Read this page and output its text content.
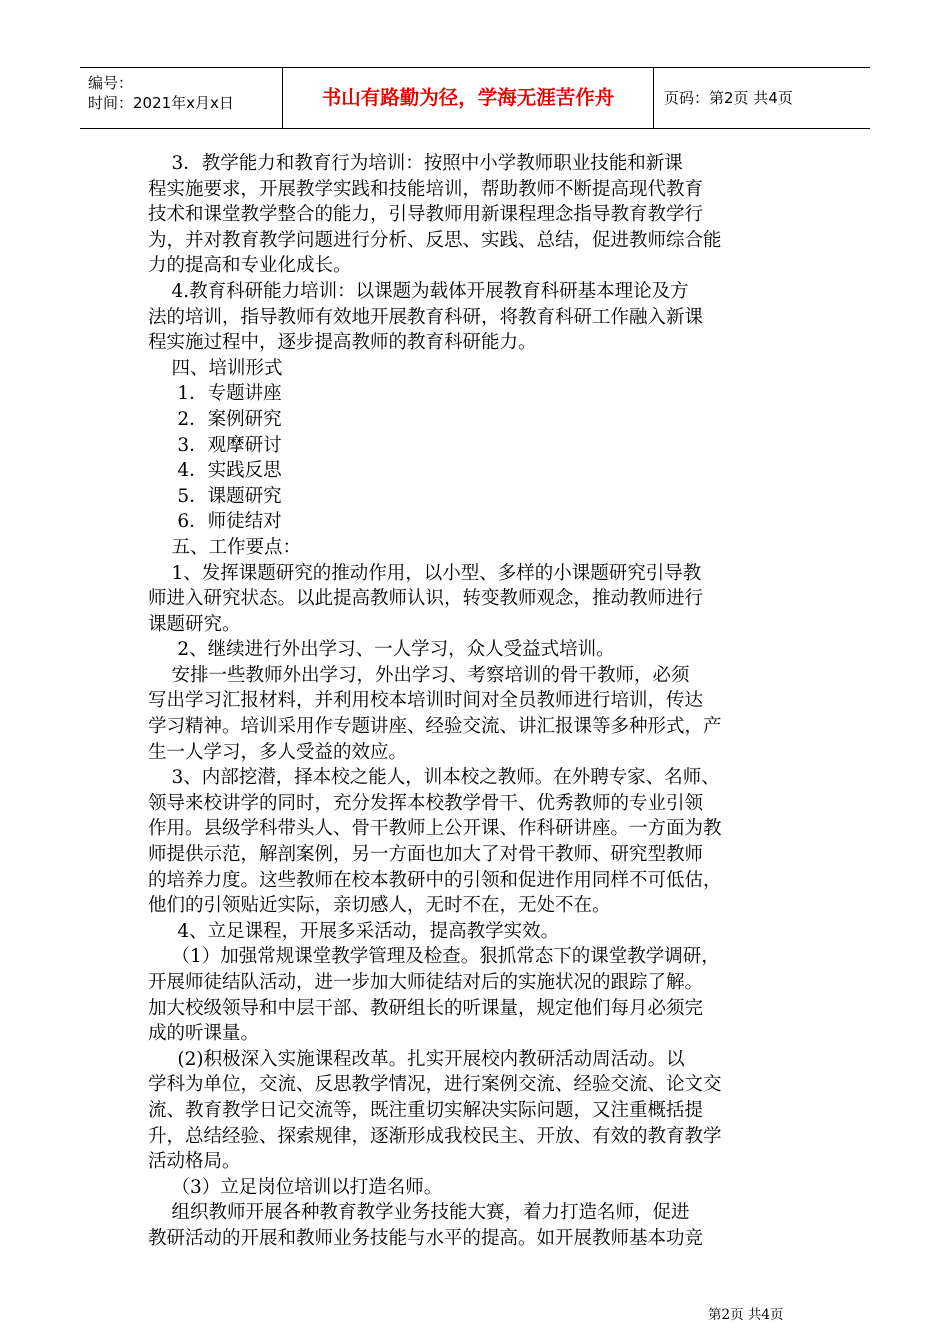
编号：
时间：2021年x月x日	书山有路勤为径，学海无涯苦作舟	页码：第2页 共4页

3．教学能力和教育行为培训：按照中小学教师职业技能和新课

程实施要求，开展教学实践和技能培训，帮助教师不断提高现代教育

技术和课堂教学整合的能力，引导教师用新课程理念指导教育教学行

为，并对教育教学问题进行分析、反思、实践、总结，促进教师综合能

力的提高和专业化成长。

4.教育科研能力培训：以课题为载体开展教育科研基本理论及方

法的培训，指导教师有效地开展教育科研，将教育科研工作融入新课

程实施过程中，逐步提高教师的教育科研能力。

四、培训形式

1．专题讲座

2．案例研究

3．观摩研讨

4．实践反思

5．课题研究

6．师徒结对

五、工作要点：

1、发挥课题研究的推动作用，以小型、多样的小课题研究引导教

师进入研究状态。以此提高教师认识，转变教师观念，推动教师进行

课题研究。

2、继续进行外出学习、一人学习，众人受益式培训。

安排一些教师外出学习，外出学习、考察培训的骨干教师，必须

写出学习汇报材料，并利用校本培训时间对全员教师进行培训，传达

学习精神。培训采用作专题讲座、经验交流、讲汇报课等多种形式，产

生一人学习，多人受益的效应。

3、内部挖潜，择本校之能人，训本校之教师。在外聘专家、名师、

领导来校讲学的同时，充分发挥本校教学骨干、优秀教师的专业引领

作用。县级学科带头人、骨干教师上公开课、作科研讲座。一方面为教

师提供示范，解剖案例，另一方面也加大了对骨干教师、研究型教师

的培养力度。这些教师在校本教研中的引领和促进作用同样不可低估，

他们的引领贴近实际，亲切感人，无时不在，无处不在。

4、立足课程，开展多采活动，提高教学实效。

（1）加强常规课堂教学管理及检查。狠抓常态下的课堂教学调研，

开展师徒结队活动，进一步加大师徒结对后的实施状况的跟踪了解。

加大校级领导和中层干部、教研组长的听课量，规定他们每月必须完

成的听课量。

(2)积极深入实施课程改革。扎实开展校内教研活动周活动。以

学科为单位，交流、反思教学情况，进行案例交流、经验交流、论文交

流、教育教学日记交流等，既注重切实解决实际问题，又注重概括提

升，总结经验、探索规律，逐渐形成我校民主、开放、有效的教育教学

活动格局。

（3）立足岗位培训以打造名师。

组织教师开展各种教育教学业务技能大赛，着力打造名师，促进

教研活动的开展和教师业务技能与水平的提高。如开展教师基本功竞

第2页 共4页
